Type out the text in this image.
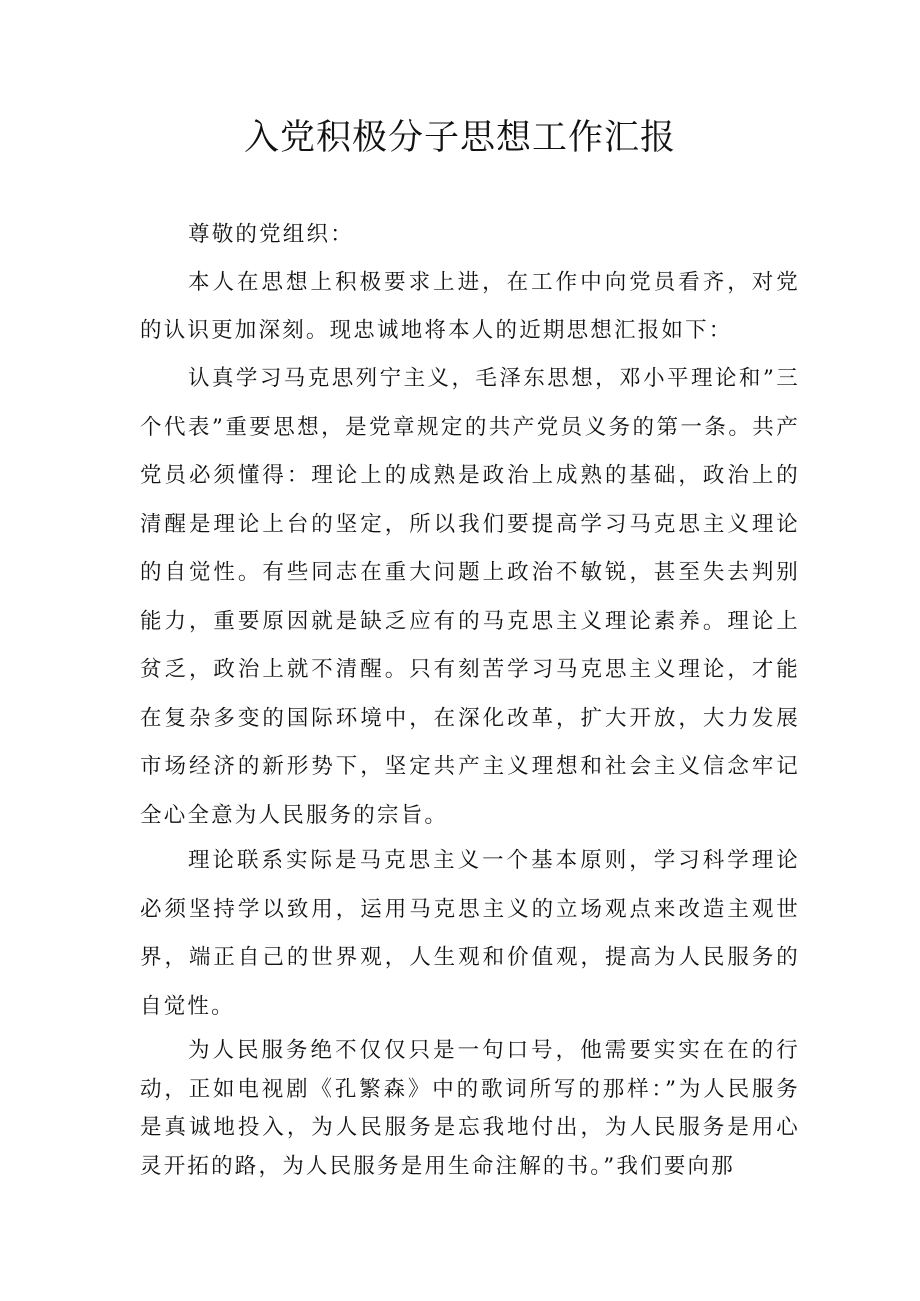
入党积极分子思想工作汇报

尊敬的党组织：

本人在思想上积极要求上进，在工作中向党员看齐，对党的认识更加深刻。现忠诚地将本人的近期思想汇报如下：

认真学习马克思列宁主义，毛泽东思想，邓小平理论和”三个代表”重要思想，是党章规定的共产党员义务的第一条。共产党员必须懂得：理论上的成熟是政治上成熟的基础，政治上的清醒是理论上台的坚定，所以我们要提高学习马克思主义理论的自觉性。有些同志在重大问题上政治不敏锐，甚至失去判别能力，重要原因就是缺乏应有的马克思主义理论素养。理论上贫乏，政治上就不清醒。只有刻苦学习马克思主义理论，才能在复杂多变的国际环境中，在深化改革，扩大开放，大力发展市场经济的新形势下，坚定共产主义理想和社会主义信念牢记全心全意为人民服务的宗旨。

理论联系实际是马克思主义一个基本原则，学习科学理论必须坚持学以致用，运用马克思主义的立场观点来改造主观世界，端正自己的世界观，人生观和价值观，提高为人民服务的自觉性。

为人民服务绝不仅仅只是一句口号，他需要实实在在的行动，正如电视剧《孔繁森》中的歌词所写的那样：”为人民服务是真诚地投入，为人民服务是忘我地付出，为人民服务是用心灵开拓的路，为人民服务是用生命注解的书。”我们要向那
